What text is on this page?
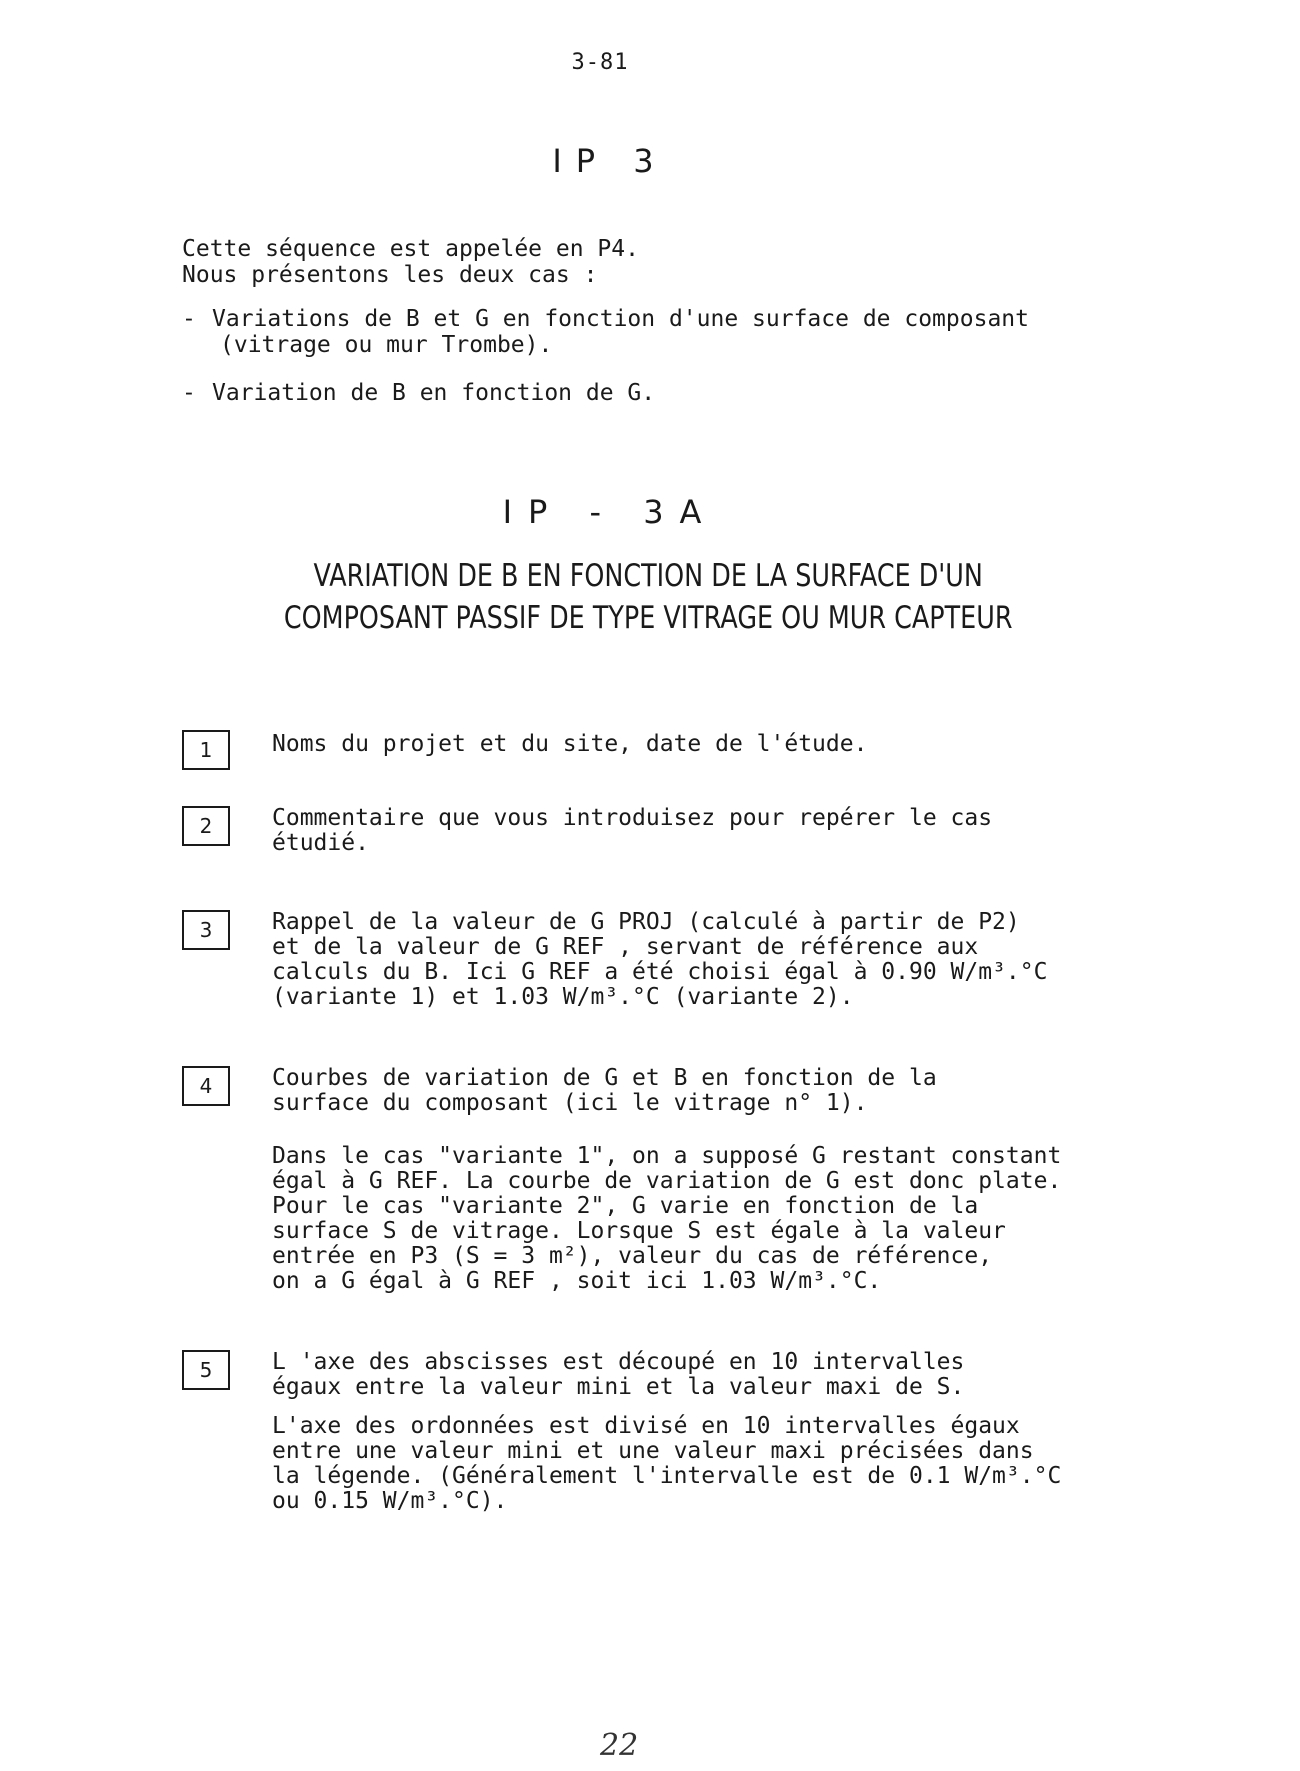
3-81
IP 3

Cette séquence est appelée en P4.

Nous présentons les deux cas :

- Variations de B et G en fonction d'une surface de composant
(vitrage ou mur Trombe).
- Variation de B en fonction de G.
IP - 3A
VARIATION DE B EN FONCTION DE LA SURFACE D'UN
COMPOSANT PASSIF DE TYPE VITRAGE OU MUR CAPTEUR
1	Noms du projet et du site, date de l'étude.

2	Commentaire que vous introduisez pour repérer le cas
étudié.

3	Rappel de la valeur de G PROJ (calculé à partir de P2)
et de la valeur de G REF , servant de référence aux
calculs du B. Ici G REF a été choisi égal à 0.90 W/m³.°C
(variante 1) et 1.03 W/m³.°C (variante 2).

4	Courbes de variation de G et B en fonction de la
surface du composant (ici le vitrage n° 1).

Dans le cas "variante 1", on a supposé G restant constant
égal à G REF. La courbe de variation de G est donc plate.
Pour le cas "variante 2", G varie en fonction de la
surface S de vitrage. Lorsque S est égale à la valeur
entrée en P3 (S = 3 m²), valeur du cas de référence,
on a G égal à G REF , soit ici 1.03 W/m³.°C.

5	L 'axe des abscisses est découpé en 10 intervalles
égaux entre la valeur mini et la valeur maxi de S.

L'axe des ordonnées est divisé en 10 intervalles égaux
entre une valeur mini et une valeur maxi précisées dans
la légende. (Généralement l'intervalle est de 0.1 W/m³.°C
ou 0.15 W/m³.°C).

22
